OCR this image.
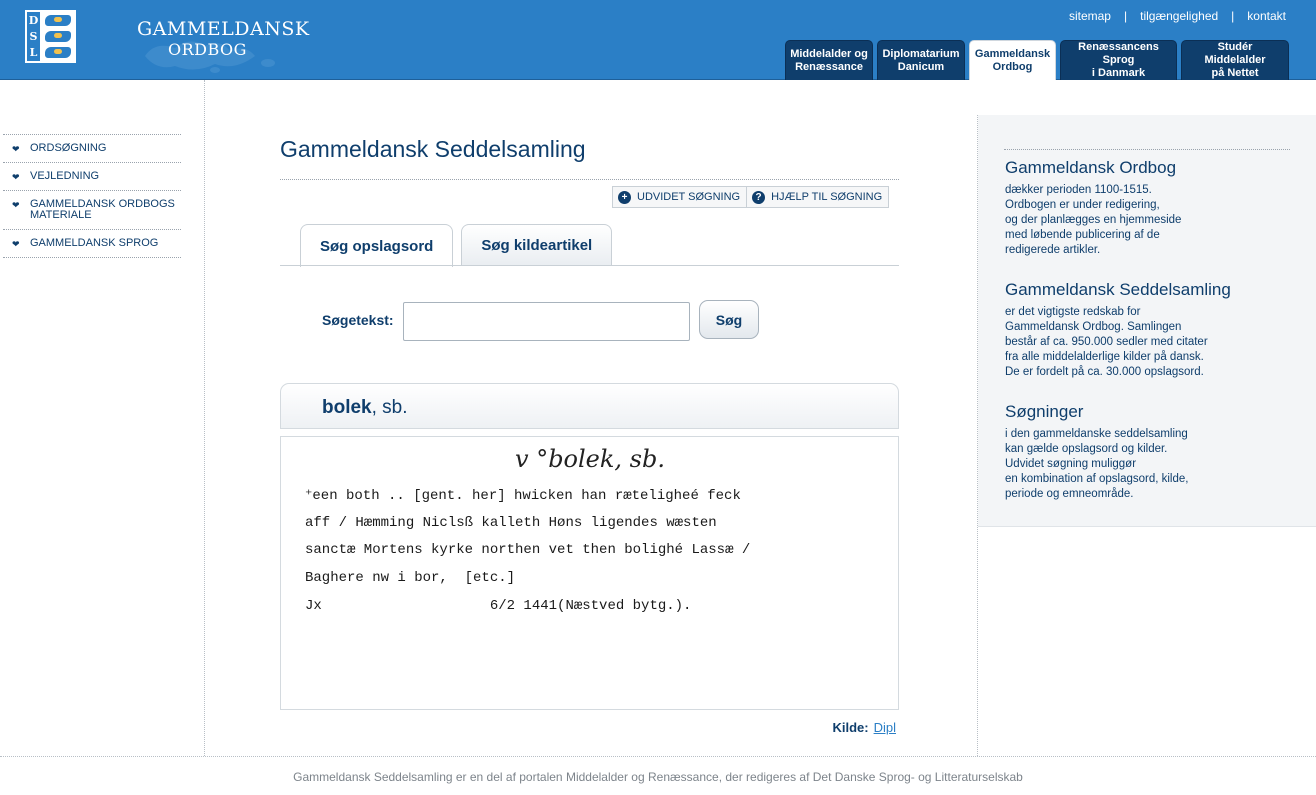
D
S
L
GAMMELDANSK
ORDBOG
sitemap | tilgængelighed | kontakt
Middelalder og
Renæssance
Diplomatarium
Danicum
Gammeldansk
Ordbog
Renæssancens Sprog
i Danmark
Studér Middelalder
på Nettet
❤ ORDSØGNING
❤ VEJLEDNING
❤ GAMMELDANSK ORDBOGS MATERIALE
❤ GAMMELDANSK SPROG
Gammeldansk Seddelsamling
+ UDVIDET SØGNING	? HJÆLP TIL SØGNING
Søg opslagsord	Søg kildeartikel
Søgetekst:	Søg
bolek, sb.
v °bolek, sb.
⁺een both .. [gent. her] hwicken han ræteligheé feck
aff / Hæmming Niclsß kalleth Høns ligendes wæsten
sanctæ Mortens kyrke northen vet then bolighé Lassæ /
Baghere nw i bor,  [etc.]
Jx                    6/2 1441(Næstved bytg.).
Kilde: Dipl
Gammeldansk Ordbog
dækker perioden 1100-1515.
Ordbogen er under redigering,
og der planlægges en hjemmeside
med løbende publicering af de
redigerede artikler.
Gammeldansk Seddelsamling
er det vigtigste redskab for
Gammeldansk Ordbog. Samlingen
består af ca. 950.000 sedler med citater
fra alle middelalderlige kilder på dansk.
De er fordelt på ca. 30.000 opslagsord.
Søgninger
i den gammeldanske seddelsamling
kan gælde opslagsord og kilder.
Udvidet søgning muliggør
en kombination af opslagsord, kilde,
periode og emneområde.
Gammeldansk Seddelsamling er en del af portalen Middelalder og Renæssance, der redigeres af Det Danske Sprog- og Litteraturselskab
